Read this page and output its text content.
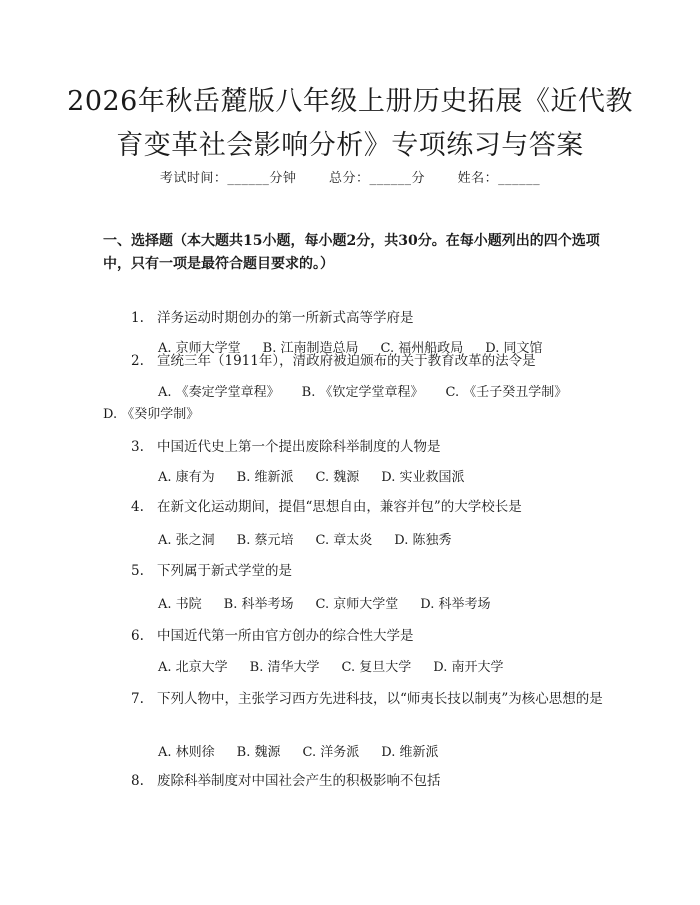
2026年秋岳麓版八年级上册历史拓展《近代教育变革社会影响分析》专项练习与答案
考试时间：______分钟	总分：______分	姓名：______

一、选择题（本大题共15小题，每小题2分，共30分。在每小题列出的四个选项中，只有一项是最符合题目要求的。）

1. 洋务运动时期创办的第一所新式高等学府是

A. 京师大学堂 B. 江南制造总局 C. 福州船政局 D. 同文馆

2. 宣统三年（1911年），清政府被迫颁布的关于教育改革的法令是

A. 《奏定学堂章程》 B. 《钦定学堂章程》 C. 《壬子癸丑学制》D. 《癸卯学制》

3. 中国近代史上第一个提出废除科举制度的人物是

A. 康有为 B. 维新派 C. 魏源 D. 实业救国派

4. 在新文化运动期间，提倡“思想自由，兼容并包”的大学校长是

A. 张之洞 B. 蔡元培 C. 章太炎 D. 陈独秀

5. 下列属于新式学堂的是

A. 书院 B. 科举考场 C. 京师大学堂 D. 科举考场

6. 中国近代第一所由官方创办的综合性大学是

A. 北京大学 B. 清华大学 C. 复旦大学 D. 南开大学

7. 下列人物中，主张学习西方先进科技，以“师夷长技以制夷”为核心思想的是

A. 林则徐 B. 魏源 C. 洋务派 D. 维新派

8. 废除科举制度对中国社会产生的积极影响不包括
